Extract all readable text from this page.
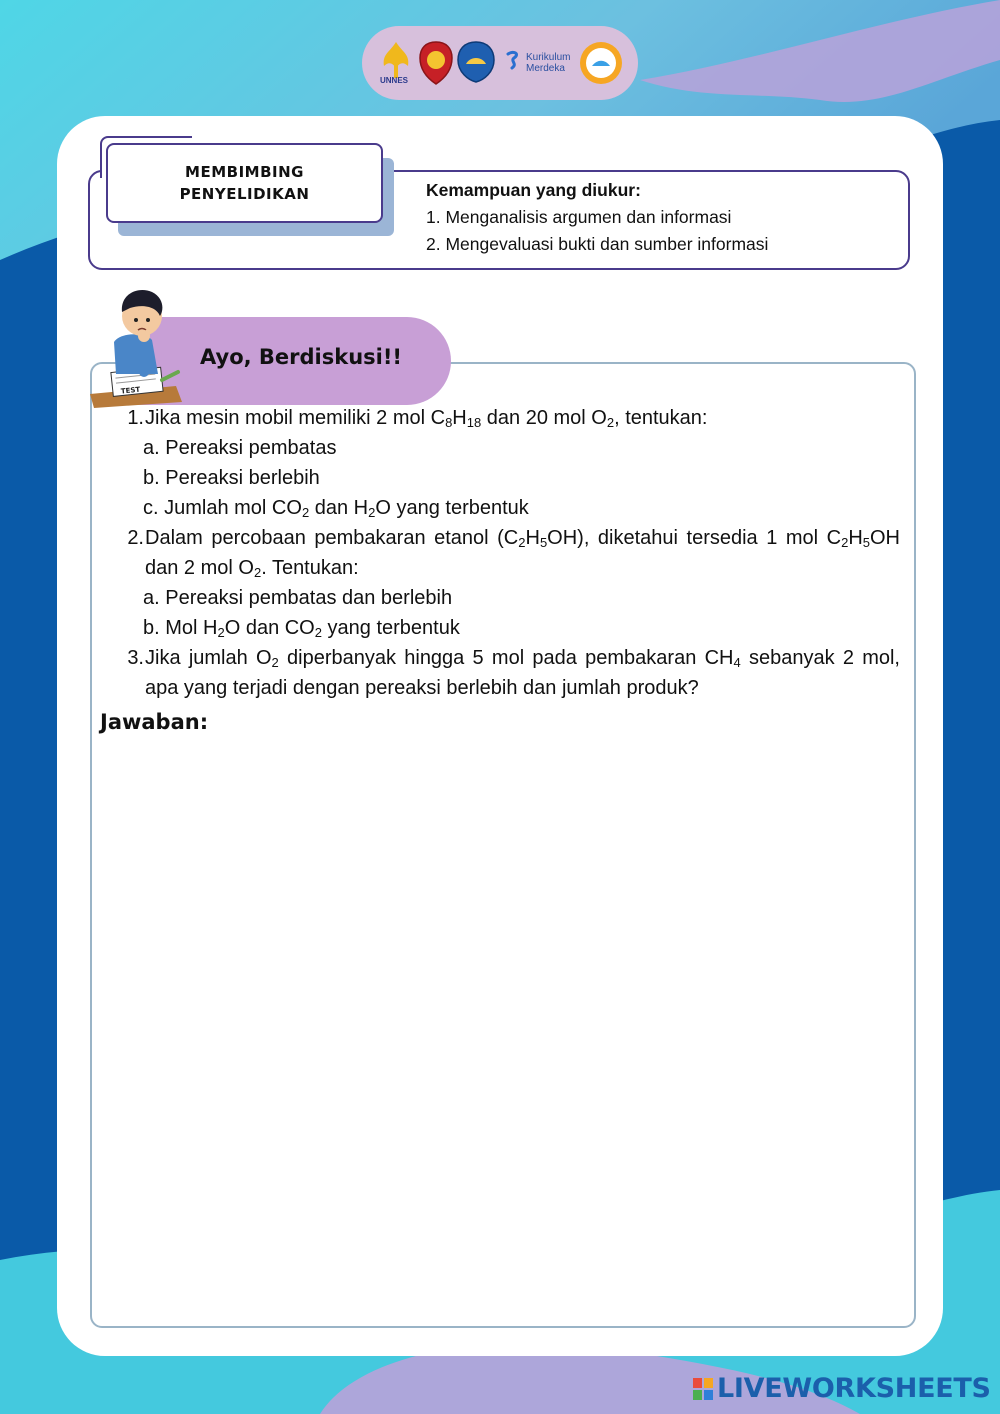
UNNES
Kurikulum
Merdeka
MEMBIMBING PENYELIDIKAN	Kemampuan yang diukur:
1. Menganalisis argumen dan informasi
2. Mengevaluasi bukti dan sumber informasi
Ayo, Berdiskusi!!
TEST
1. Jika mesin mobil memiliki 2 mol $C_8H_{18}$ dan 20 mol $O_2$, tentukan:
a. Pereaksi pembatas
b. Pereaksi berlebih
c. Jumlah mol $CO_2$ dan $H_2O$ yang terbentuk
2. Dalam percobaan pembakaran etanol $(C_2H_5OH)$, diketahui tersedia 1 mol $C_2H_5OH$ dan 2 mol $O_2$. Tentukan:
a. Pereaksi pembatas dan berlebih
b. Mol $H_2O$ dan $CO_2$ yang terbentuk
3. Jika jumlah $O_2$ diperbanyak hingga 5 mol pada pembakaran $CH_4$ sebanyak 2 mol, apa yang terjadi dengan pereaksi berlebih dan jumlah produk?
Jawaban:
LIVEWORKSHEETS
